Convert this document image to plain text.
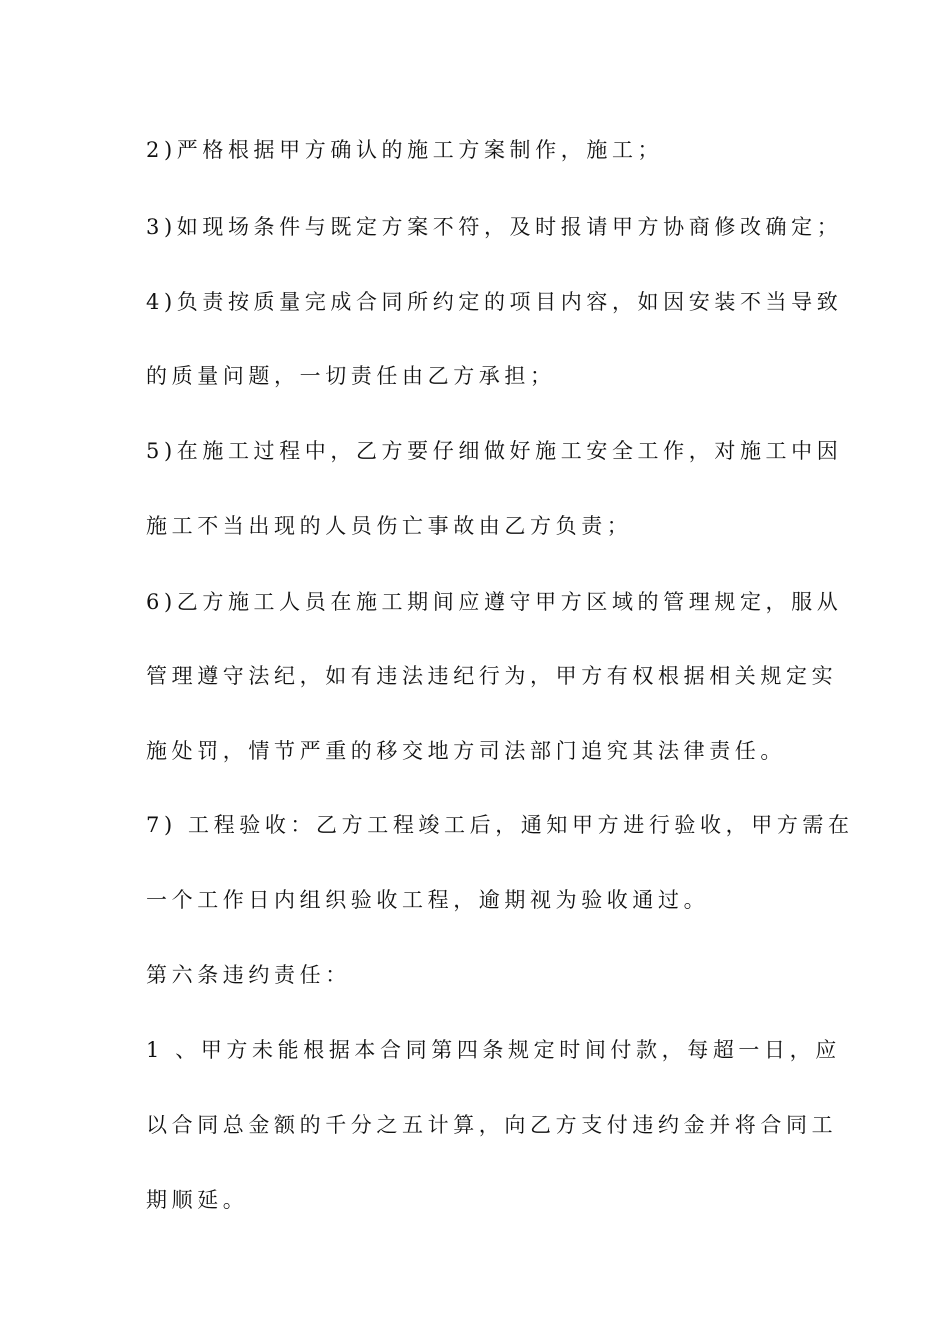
2)严格根据甲方确认的施工方案制作，施工；
3)如现场条件与既定方案不符，及时报请甲方协商修改确定；
4)负责按质量完成合同所约定的项目内容，如因安装不当导致
的质量问题，一切责任由乙方承担；
5)在施工过程中，乙方要仔细做好施工安全工作，对施工中因
施工不当出现的人员伤亡事故由乙方负责；
6)乙方施工人员在施工期间应遵守甲方区域的管理规定，服从
管理遵守法纪，如有违法违纪行为，甲方有权根据相关规定实
施处罚，情节严重的移交地方司法部门追究其法律责任。
7) 工程验收：乙方工程竣工后，通知甲方进行验收，甲方需在
一个工作日内组织验收工程，逾期视为验收通过。
第六条违约责任：
1 、甲方未能根据本合同第四条规定时间付款，每超一日，应
以合同总金额的千分之五计算，向乙方支付违约金并将合同工
期顺延。
